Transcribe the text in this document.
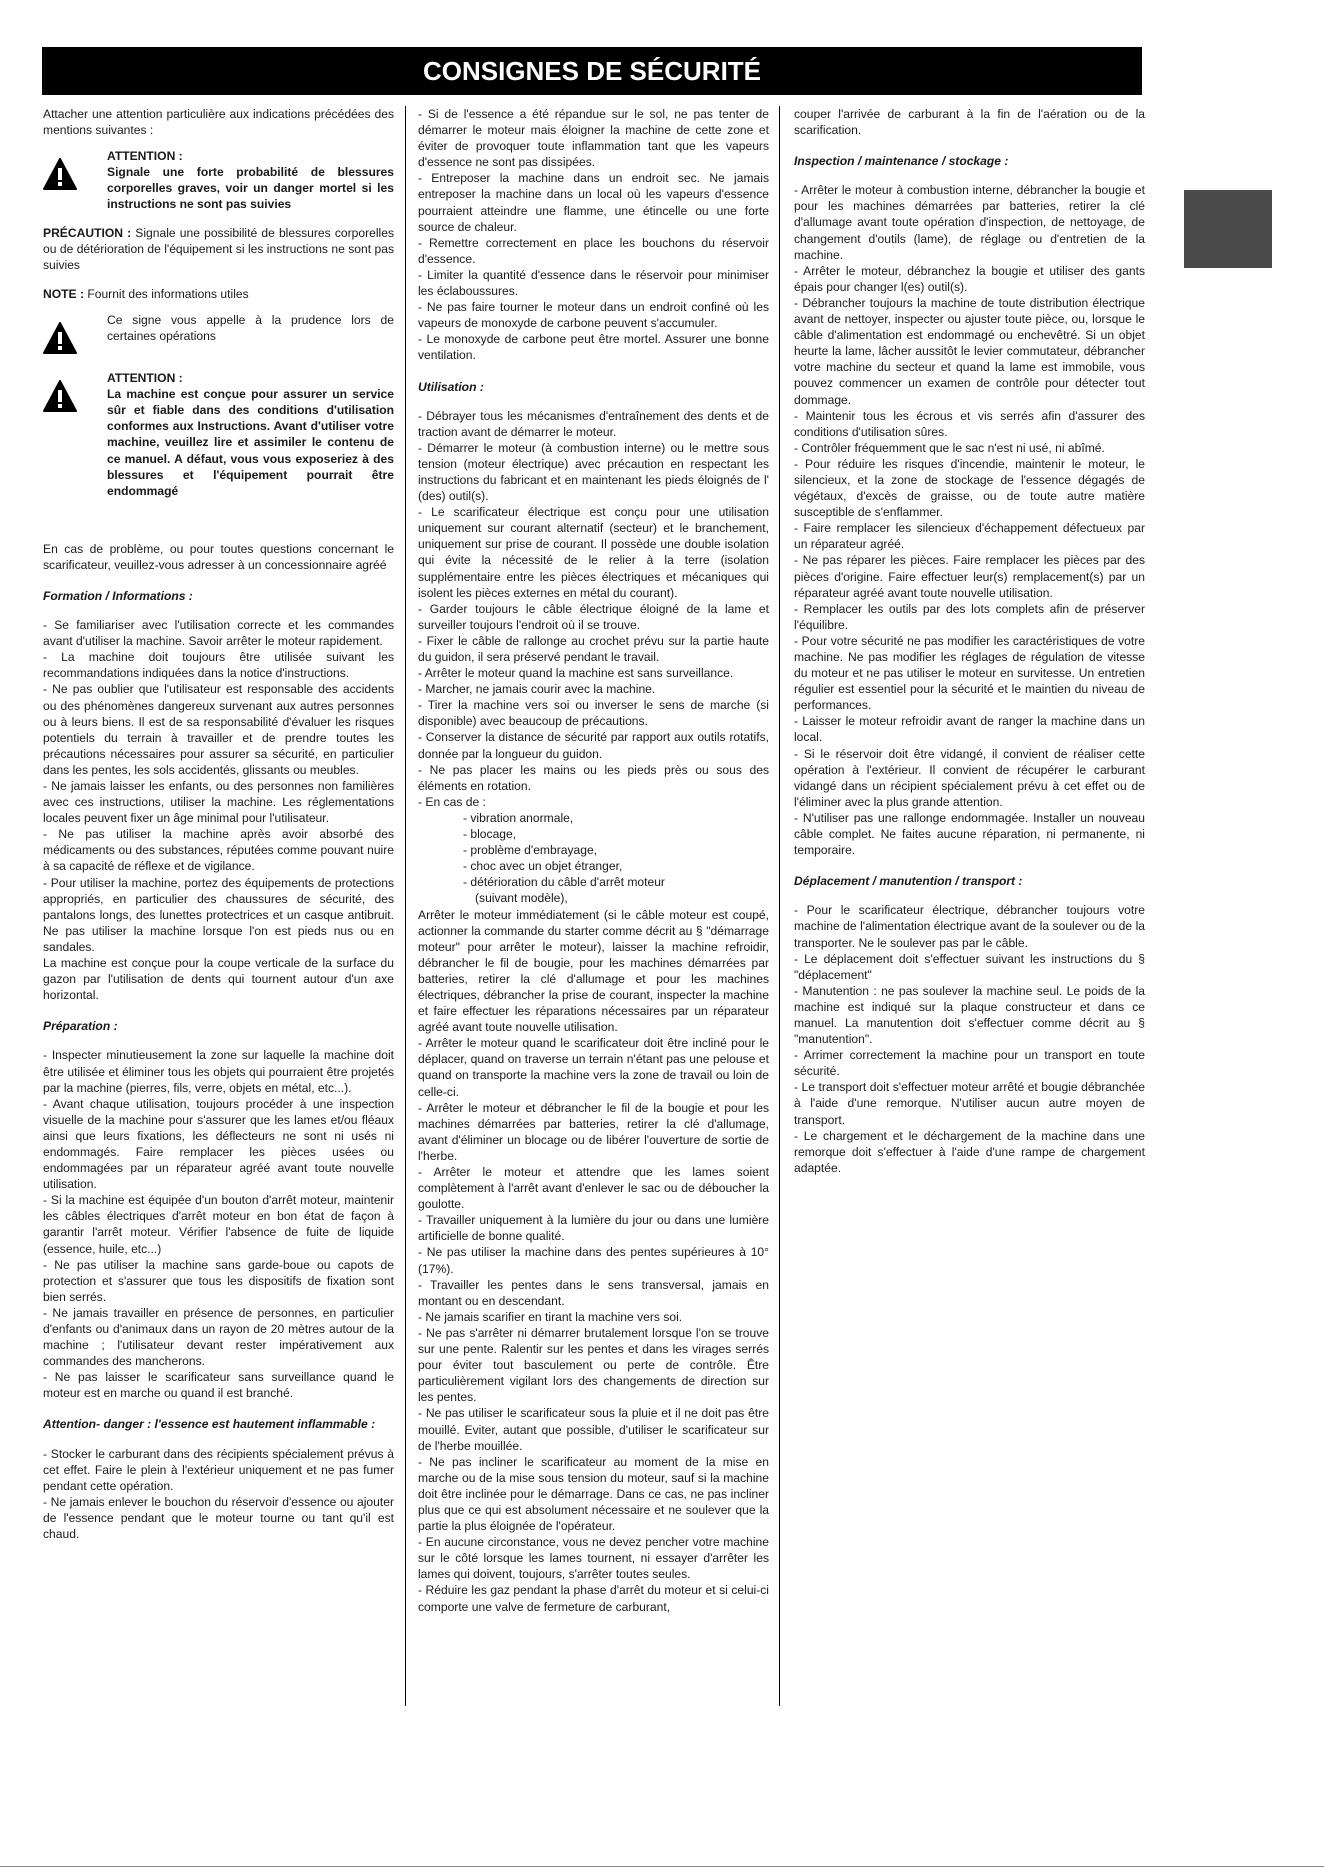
CONSIGNES DE SÉCURITÉ

Attacher une attention particulière aux indications précédées des mentions suivantes :

ATTENTION :
Signale une forte probabilité de blessures corporelles graves, voir un danger mortel si les instructions ne sont pas suivies

PRÉCAUTION : Signale une possibilité de blessures corporelles ou de détérioration de l'équipement si les instructions ne sont pas suivies

NOTE : Fournit des informations utiles

Ce signe vous appelle à la prudence lors de certaines opérations
ATTENTION :
La machine est conçue pour assurer un service sûr et fiable dans des conditions d'utilisation conformes aux Instructions. Avant d'utiliser votre machine, veuillez lire et assimiler le contenu de ce manuel. A défaut, vous vous exposeriez à des blessures et l'équipement pourrait être endommagé

En cas de problème, ou pour toutes questions concernant le scarificateur, veuillez-vous adresser à un concessionnaire agréé

Formation / Informations :

- Se familiariser avec l'utilisation correcte et les commandes avant d'utiliser la machine. Savoir arrêter le moteur rapidement.

- La machine doit toujours être utilisée suivant les recommandations indiquées dans la notice d'instructions.

- Ne pas oublier que l'utilisateur est responsable des accidents ou des phénomènes dangereux survenant aux autres personnes ou à leurs biens. Il est de sa responsabilité d'évaluer les risques potentiels du terrain à travailler et de prendre toutes les précautions nécessaires pour assurer sa sécurité, en particulier dans les pentes, les sols accidentés, glissants ou meubles.

- Ne jamais laisser les enfants, ou des personnes non familières avec ces instructions, utiliser la machine. Les réglementations locales peuvent fixer un âge minimal pour l'utilisateur.

- Ne pas utiliser la machine après avoir absorbé des médicaments ou des substances, réputées comme pouvant nuire à sa capacité de réflexe et de vigilance.

- Pour utiliser la machine, portez des équipements de protections appropriés, en particulier des chaussures de sécurité, des pantalons longs, des lunettes protectrices et un casque antibruit. Ne pas utiliser la machine lorsque l'on est pieds nus ou en sandales.

La machine est conçue pour la coupe verticale de la surface du gazon par l'utilisation de dents qui tournent autour d'un axe horizontal.

Préparation :

- Inspecter minutieusement la zone sur laquelle la machine doit être utilisée et éliminer tous les objets qui pourraient être projetés par la machine (pierres, fils, verre, objets en métal, etc...).

- Avant chaque utilisation, toujours procéder à une inspection visuelle de la machine pour s'assurer que les lames et/ou fléaux ainsi que leurs fixations, les déflecteurs ne sont ni usés ni endommagés. Faire remplacer les pièces usées ou endommagées par un réparateur agréé avant toute nouvelle utilisation.

- Si la machine est équipée d'un bouton d'arrêt moteur, maintenir les câbles électriques d'arrêt moteur en bon état de façon à garantir l'arrêt moteur. Vérifier l'absence de fuite de liquide (essence, huile, etc...)

- Ne pas utiliser la machine sans garde-boue ou capots de protection et s'assurer que tous les dispositifs de fixation sont bien serrés.

- Ne jamais travailler en présence de personnes, en particulier d'enfants ou d'animaux dans un rayon de 20 mètres autour de la machine ; l'utilisateur devant rester impérativement aux commandes des mancherons.

- Ne pas laisser le scarificateur sans surveillance quand le moteur est en marche ou quand il est branché.

Attention- danger : l'essence est hautement inflammable :

- Stocker le carburant dans des récipients spécialement prévus à cet effet. Faire le plein à l'extérieur uniquement et ne pas fumer pendant cette opération.

- Ne jamais enlever le bouchon du réservoir d'essence ou ajouter de l'essence pendant que le moteur tourne ou tant qu'il est chaud.

- Si de l'essence a été répandue sur le sol, ne pas tenter de démarrer le moteur mais éloigner la machine de cette zone et éviter de provoquer toute inflammation tant que les vapeurs d'essence ne sont pas dissipées.

- Entreposer la machine dans un endroit sec. Ne jamais entreposer la machine dans un local où les vapeurs d'essence pourraient atteindre une flamme, une étincelle ou une forte source de chaleur.

- Remettre correctement en place les bouchons du réservoir d'essence.

- Limiter la quantité d'essence dans le réservoir pour minimiser les éclaboussures.

- Ne pas faire tourner le moteur dans un endroit confiné où les vapeurs de monoxyde de carbone peuvent s'accumuler.

- Le monoxyde de carbone peut être mortel. Assurer une bonne ventilation.

Utilisation :

- Débrayer tous les mécanismes d'entraînement des dents et de traction avant de démarrer le moteur.

- Démarrer le moteur (à combustion interne) ou le mettre sous tension (moteur électrique) avec précaution en respectant les instructions du fabricant et en maintenant les pieds éloignés de l' (des) outil(s).

- Le scarificateur électrique est conçu pour une utilisation uniquement sur courant alternatif (secteur) et le branchement, uniquement sur prise de courant. Il possède une double isolation qui évite la nécessité de le relier à la terre (isolation supplémentaire entre les pièces électriques et mécaniques qui isolent les pièces externes en métal du courant).

- Garder toujours le câble électrique éloigné de la lame et surveiller toujours l'endroit où il se trouve.

- Fixer le câble de rallonge au crochet prévu sur la partie haute du guidon, il sera préservé pendant le travail.

- Arrêter le moteur quand la machine est sans surveillance.

- Marcher, ne jamais courir avec la machine.

- Tirer la machine vers soi ou inverser le sens de marche (si disponible) avec beaucoup de précautions.

- Conserver la distance de sécurité par rapport aux outils rotatifs, donnée par la longueur du guidon.

- Ne pas placer les mains ou les pieds près ou sous des éléments en rotation.

- En cas de :

- vibration anormale,

- blocage,

- problème d'embrayage,

- choc avec un objet étranger,

- détérioration du câble d'arrêt moteur

(suivant modèle),

Arrêter le moteur immédiatement (si le câble moteur est coupé, actionner la commande du starter comme décrit au § "démarrage moteur" pour arrêter le moteur), laisser la machine refroidir, débrancher le fil de bougie, pour les machines démarrées par batteries, retirer la clé d'allumage et pour les machines électriques, débrancher la prise de courant, inspecter la machine et faire effectuer les réparations nécessaires par un réparateur agréé avant toute nouvelle utilisation.

- Arrêter le moteur quand le scarificateur doit être incliné pour le déplacer, quand on traverse un terrain n'étant pas une pelouse et quand on transporte la machine vers la zone de travail ou loin de celle-ci.

- Arrêter le moteur et débrancher le fil de la bougie et pour les machines démarrées par batteries, retirer la clé d'allumage, avant d'éliminer un blocage ou de libérer l'ouverture de sortie de l'herbe.

- Arrêter le moteur et attendre que les lames soient complètement à l'arrêt avant d'enlever le sac ou de déboucher la goulotte.

- Travailler uniquement à la lumière du jour ou dans une lumière artificielle de bonne qualité.

- Ne pas utiliser la machine dans des pentes supérieures à 10° (17%).

- Travailler les pentes dans le sens transversal, jamais en montant ou en descendant.

- Ne jamais scarifier en tirant la machine vers soi.

- Ne pas s'arrêter ni démarrer brutalement lorsque l'on se trouve sur une pente. Ralentir sur les pentes et dans les virages serrés pour éviter tout basculement ou perte de contrôle. Être particulièrement vigilant lors des changements de direction sur les pentes.

- Ne pas utiliser le scarificateur sous la pluie et il ne doit pas être mouillé. Eviter, autant que possible, d'utiliser le scarificateur sur de l'herbe mouillée.

- Ne pas incliner le scarificateur au moment de la mise en marche ou de la mise sous tension du moteur, sauf si la machine doit être inclinée pour le démarrage. Dans ce cas, ne pas incliner plus que ce qui est absolument nécessaire et ne soulever que la partie la plus éloignée de l'opérateur.

- En aucune circonstance, vous ne devez pencher votre machine sur le côté lorsque les lames tournent, ni essayer d'arrêter les lames qui doivent, toujours, s'arrêter toutes seules.

- Réduire les gaz pendant la phase d'arrêt du moteur et si celui-ci comporte une valve de fermeture de carburant,

couper l'arrivée de carburant à la fin de l'aération ou de la scarification.

Inspection / maintenance / stockage :

- Arrêter le moteur à combustion interne, débrancher la bougie et pour les machines démarrées par batteries, retirer la clé d'allumage avant toute opération d'inspection, de nettoyage, de changement d'outils (lame), de réglage ou d'entretien de la machine.

- Arrêter le moteur, débranchez la bougie et utiliser des gants épais pour changer l(es) outil(s).

- Débrancher toujours la machine de toute distribution électrique avant de nettoyer, inspecter ou ajuster toute pièce, ou, lorsque le câble d'alimentation est endommagé ou enchevêtré. Si un objet heurte la lame, lâcher aussitôt le levier commutateur, débrancher votre machine du secteur et quand la lame est immobile, vous pouvez commencer un examen de contrôle pour détecter tout dommage.

- Maintenir tous les écrous et vis serrés afin d'assurer des conditions d'utilisation sûres.

- Contrôler fréquemment que le sac n'est ni usé, ni abîmé.

- Pour réduire les risques d'incendie, maintenir le moteur, le silencieux, et la zone de stockage de l'essence dégagés de végétaux, d'excès de graisse, ou de toute autre matière susceptible de s'enflammer.

- Faire remplacer les silencieux d'échappement défectueux par un réparateur agréé.

- Ne pas réparer les pièces. Faire remplacer les pièces par des pièces d'origine. Faire effectuer leur(s) remplacement(s) par un réparateur agréé avant toute nouvelle utilisation.

- Remplacer les outils par des lots complets afin de préserver l'équilibre.

- Pour votre sécurité ne pas modifier les caractéristiques de votre machine. Ne pas modifier les réglages de régulation de vitesse du moteur et ne pas utiliser le moteur en survitesse. Un entretien régulier est essentiel pour la sécurité et le maintien du niveau de performances.

- Laisser le moteur refroidir avant de ranger la machine dans un local.

- Si le réservoir doit être vidangé, il convient de réaliser cette opération à l'extérieur. Il convient de récupérer le carburant vidangé dans un récipient spécialement prévu à cet effet ou de l'éliminer avec la plus grande attention.

- N'utiliser pas une rallonge endommagée. Installer un nouveau câble complet. Ne faites aucune réparation, ni permanente, ni temporaire.

Déplacement / manutention / transport :

- Pour le scarificateur électrique, débrancher toujours votre machine de l'alimentation électrique avant de la soulever ou de la transporter. Ne le soulever pas par le câble.

- Le déplacement doit s'effectuer suivant les instructions du § "déplacement"

- Manutention : ne pas soulever la machine seul. Le poids de la machine est indiqué sur la plaque constructeur et dans ce manuel. La manutention doit s'effectuer comme décrit au § "manutention".

- Arrimer correctement la machine pour un transport en toute sécurité.

- Le transport doit s'effectuer moteur arrêté et bougie débranchée à l'aide d'une remorque. N'utiliser aucun autre moyen de transport.

- Le chargement et le déchargement de la machine dans une remorque doit s'effectuer à l'aide d'une rampe de chargement adaptée.
